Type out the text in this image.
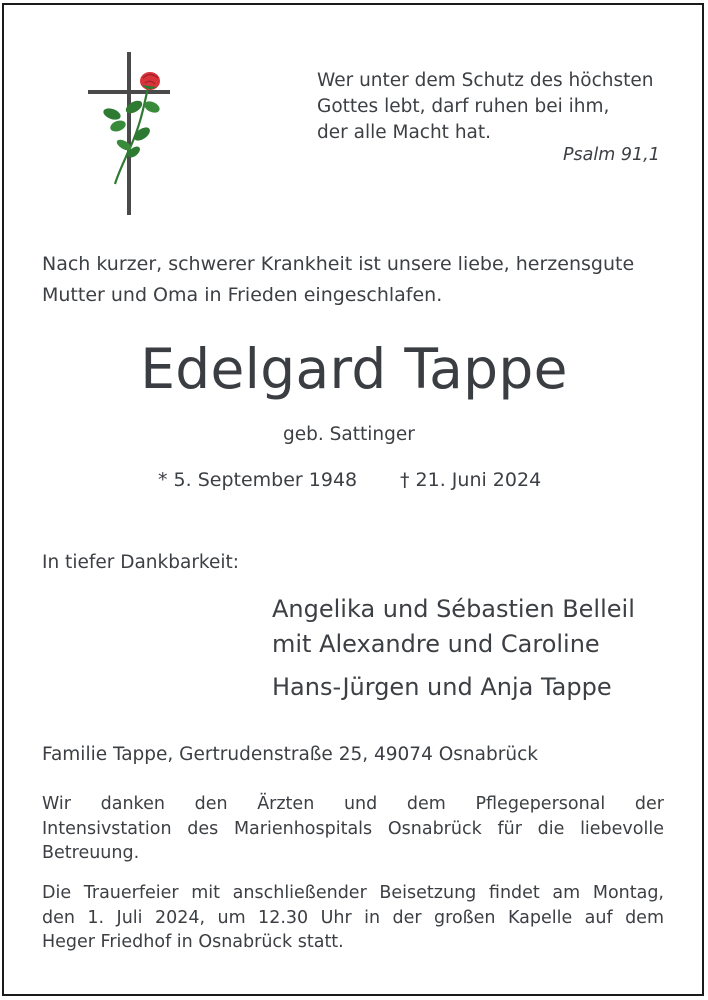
Wer unter dem Schutz des höchsten
Gottes lebt, darf ruhen bei ihm,
der alle Macht hat.
Psalm 91,1
Nach kurzer, schwerer Krankheit ist unsere liebe, herzensgute
Mutter und Oma in Frieden eingeschlafen.
Edelgard Tappe
geb. Sattinger
* 5. September 1948 † 21. Juni 2024
In tiefer Dankbarkeit:
Angelika und Sébastien Belleil
mit Alexandre und Caroline
Hans-Jürgen und Anja Tappe
Familie Tappe, Gertrudenstraße 25, 49074 Osnabrück
Wir danken den Ärzten und dem Pflegepersonal der
Intensivstation des Marienhospitals Osnabrück für die liebevolle
Betreuung.
Die Trauerfeier mit anschließender Beisetzung findet am Montag,
den 1. Juli 2024, um 12.30 Uhr in der großen Kapelle auf dem
Heger Friedhof in Osnabrück statt.
